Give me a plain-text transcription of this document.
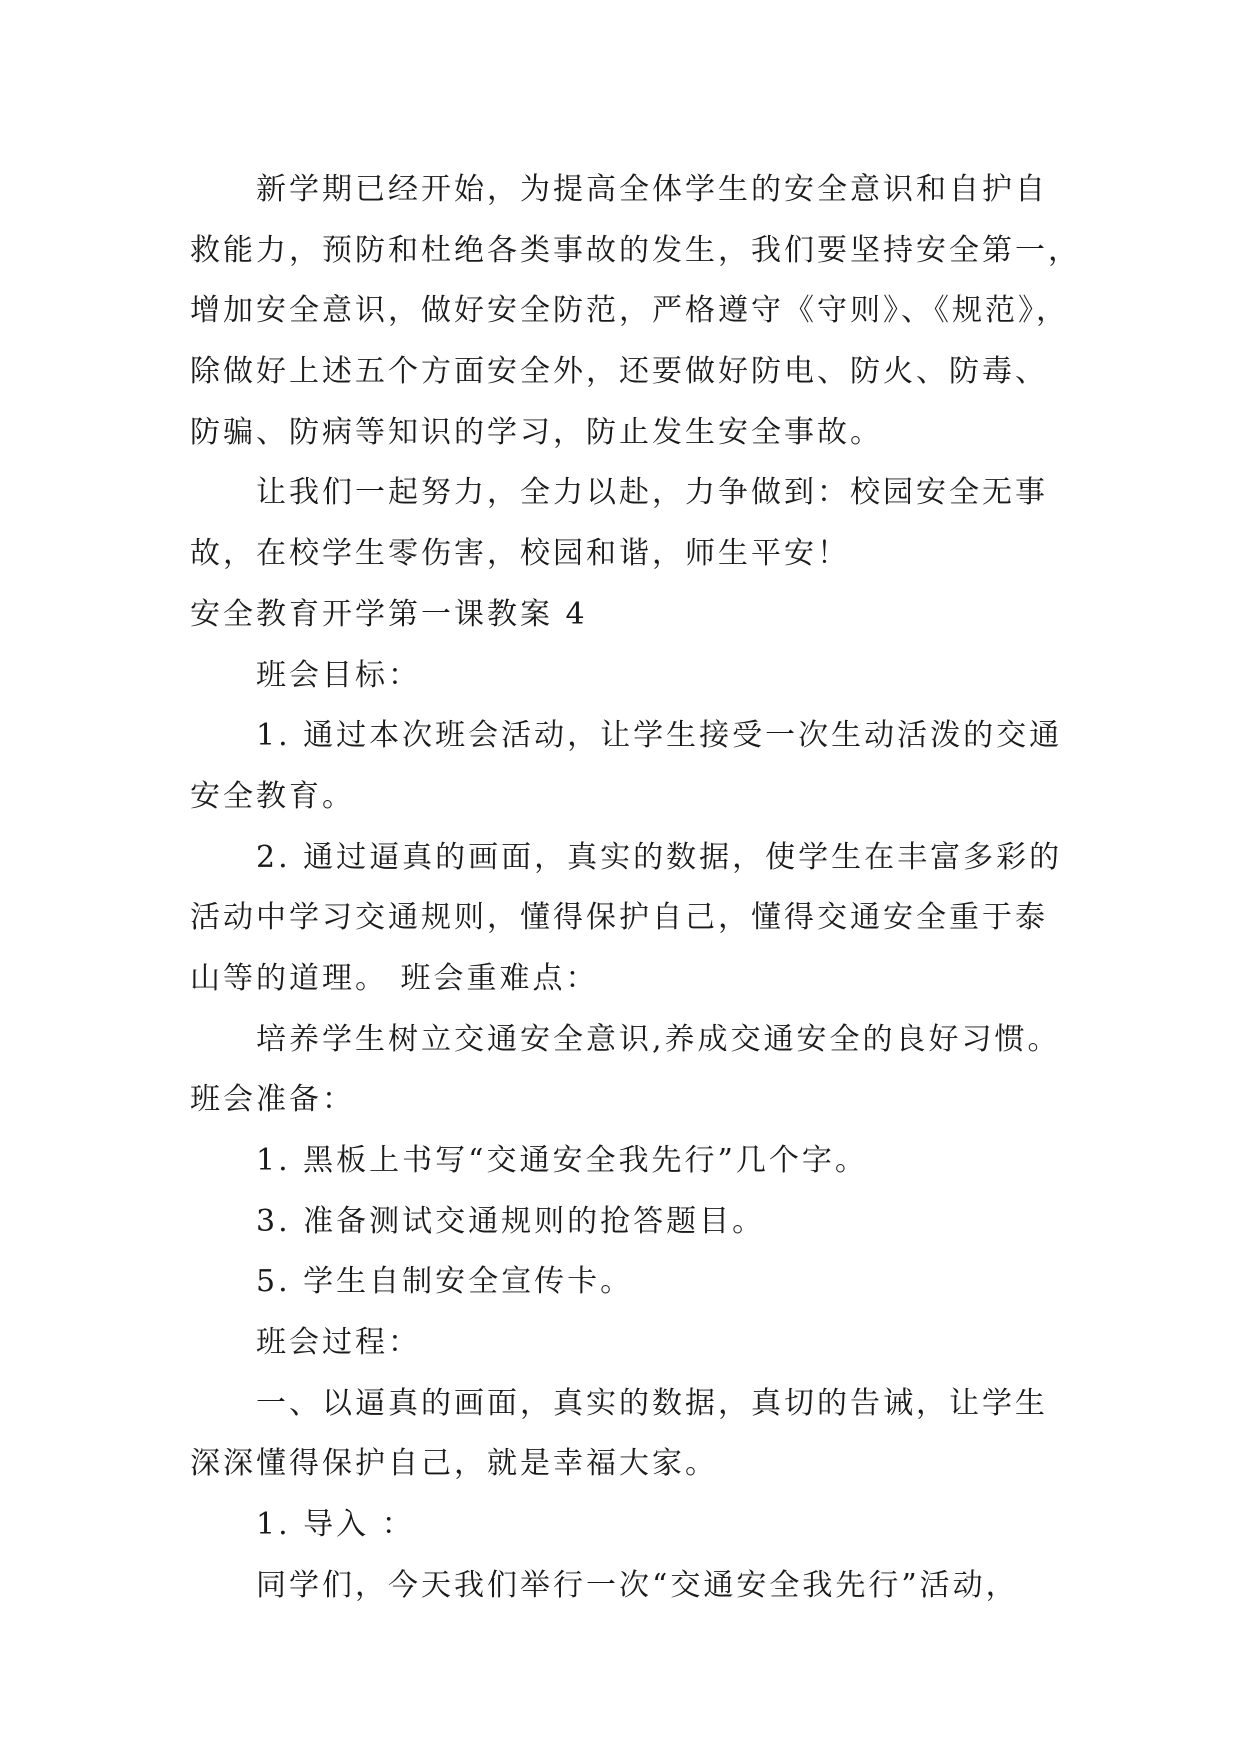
新学期已经开始，为提高全体学生的安全意识和自护自
救能力，预防和杜绝各类事故的发生，我们要坚持安全第一，
增加安全意识，做好安全防范，严格遵守《守则》、《规范》，
除做好上述五个方面安全外，还要做好防电、防火、防毒、
防骗、防病等知识的学习，防止发生安全事故。
让我们一起努力，全力以赴，力争做到：校园安全无事
故，在校学生零伤害，校园和谐，师生平安！
安全教育开学第一课教案 4
班会目标：
1. 通过本次班会活动，让学生接受一次生动活泼的交通
安全教育。
2. 通过逼真的画面，真实的数据，使学生在丰富多彩的
活动中学习交通规则，懂得保护自己，懂得交通安全重于泰
山等的道理。 班会重难点：
培养学生树立交通安全意识,养成交通安全的良好习惯。
班会准备：
1. 黑板上书写“交通安全我先行”几个字。
3. 准备测试交通规则的抢答题目。
5. 学生自制安全宣传卡。
班会过程：
一、以逼真的画面，真实的数据，真切的告诫，让学生
深深懂得保护自己，就是幸福大家。
1. 导入 ：
同学们，今天我们举行一次“交通安全我先行”活动，
